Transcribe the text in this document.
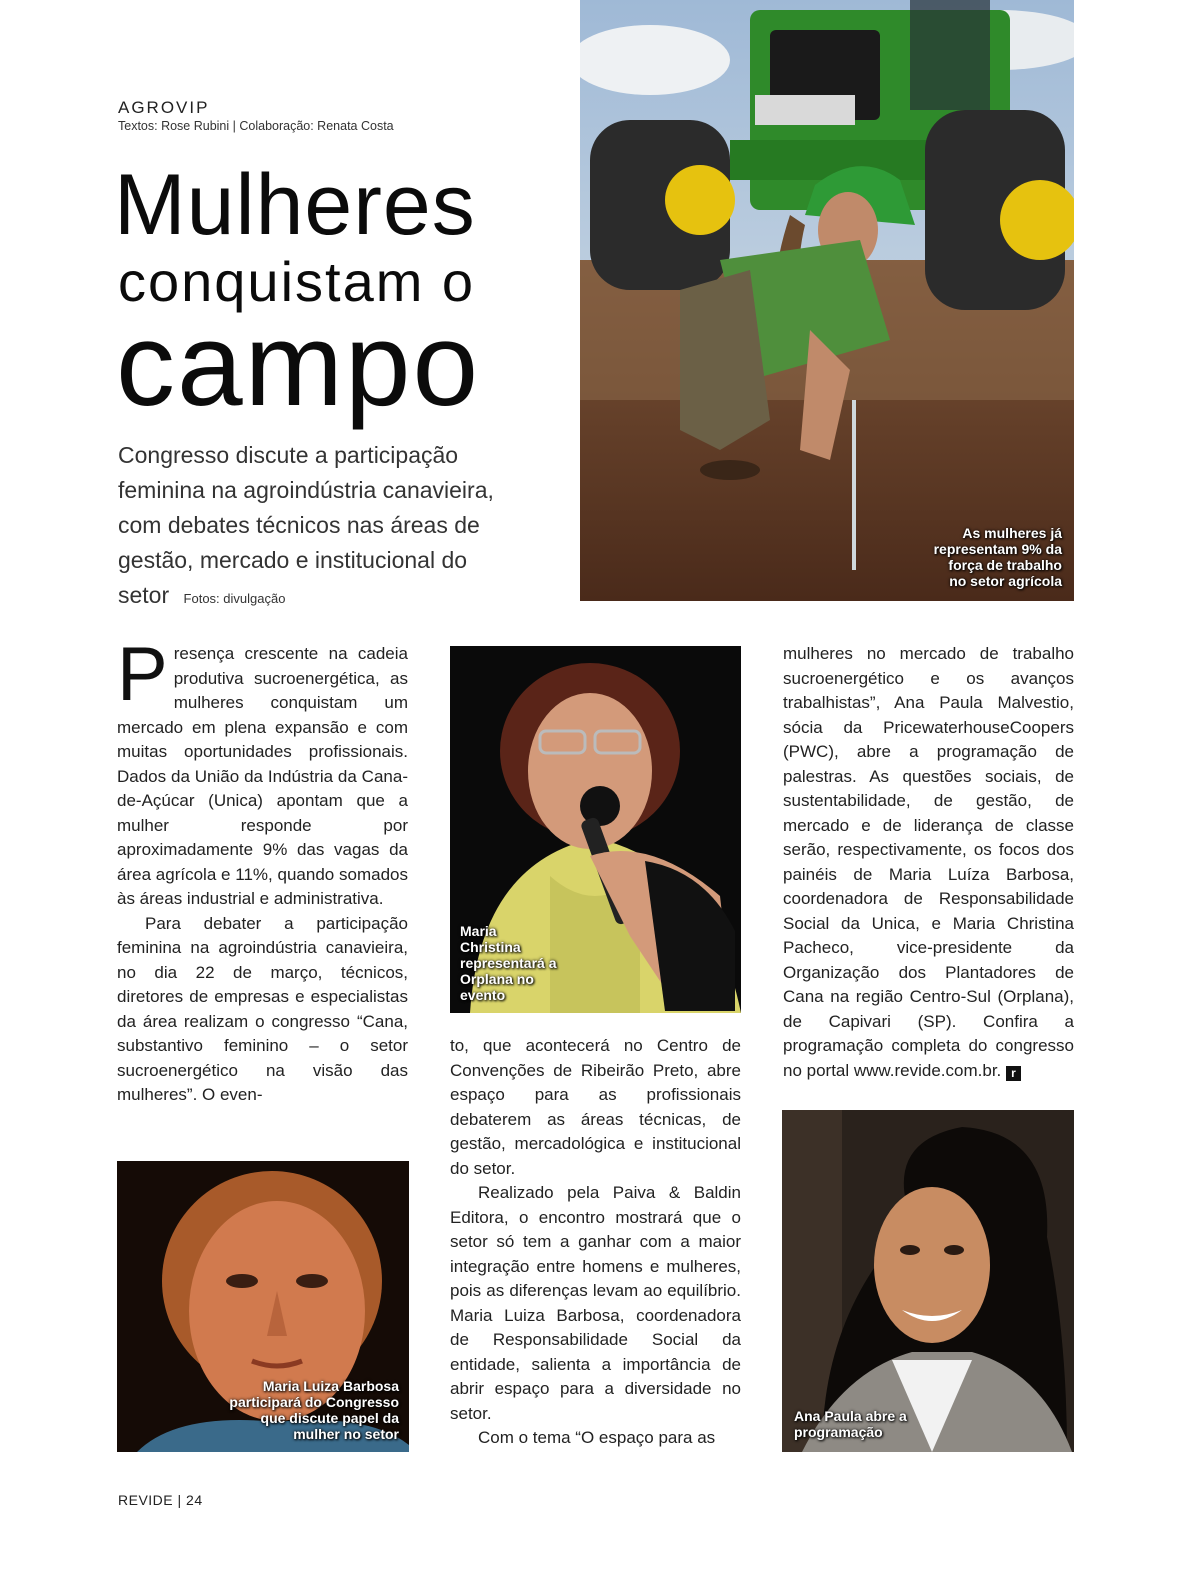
AGROVIP
Textos: Rose Rubini | Colaboração: Renata Costa
Mulheres
conquistam o
campo
Congresso discute a participação feminina na agroindústria canavieira, com debates técnicos nas áreas de gestão, mercado e institucional do setor Fotos: divulgação
As mulheres já representam 9% da força de trabalho no setor agrícola
Maria Christina representará a Orplana no evento
Maria Luiza Barbosa participará do Congresso que discute papel da mulher no setor
Ana Paula abre a programação

P resença crescente na cadeia produtiva sucroenergética, as mulheres conquistam um mercado em plena expansão e com muitas oportunidades profissionais. Dados da União da Indústria da Cana-de-Açúcar (Unica) apontam que a mulher responde por aproximadamente 9% das vagas da área agrícola e 11%, quando somados às áreas industrial e administrativa.

Para debater a participação feminina na agroindústria canavieira, no dia 22 de março, técnicos, diretores de empresas e especialistas da área realizam o congresso “Cana, substantivo feminino – o setor sucroenergético na visão das mulheres”. O even-

to, que acontecerá no Centro de Convenções de Ribeirão Preto, abre espaço para as profissionais debaterem as áreas técnicas, de gestão, mercadológica e institucional do setor.

Realizado pela Paiva & Baldin Editora, o encontro mostrará que o setor só tem a ganhar com a maior integração entre homens e mulheres, pois as diferenças levam ao equilíbrio. Maria Luiza Barbosa, coordenadora de Responsabilidade Social da entidade, salienta a importância de abrir espaço para a diversidade no setor.

Com o tema “O espaço para as

mulheres no mercado de trabalho sucroenergético e os avanços trabalhistas”, Ana Paula Malvestio, sócia da PricewaterhouseCoopers (PWC), abre a programação de palestras. As questões sociais, de sustentabilidade, de gestão, de mercado e de liderança de classe serão, respectivamente, os focos dos painéis de Maria Luíza Barbosa, coordenadora de Responsabilidade Social da Unica, e Maria Christina Pacheco, vice-presidente da Organização dos Plantadores de Cana na região Centro-Sul (Orplana), de Capivari (SP). Confira a programação completa do congresso no portal www.revide.com.br. r

REVIDE | 24
